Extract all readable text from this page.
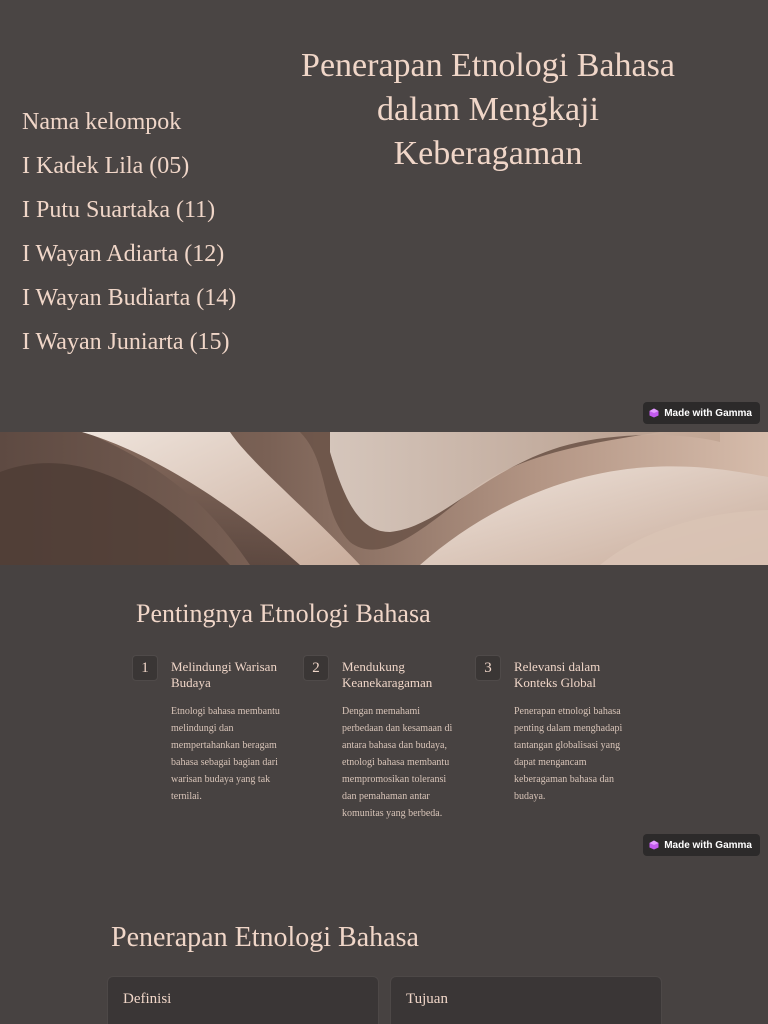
Penerapan Etnologi Bahasa dalam Mengkaji Keberagaman
Nama kelompok
I Kadek Lila (05)
I Putu Suartaka (11)
I Wayan Adiarta (12)
I Wayan Budiarta (14)
I Wayan Juniarta (15)
Made with Gamma
Pentingnya Etnologi Bahasa
1	Melindungi Warisan Budaya
Etnologi bahasa membantu melindungi dan mempertahankan beragam bahasa sebagai bagian dari warisan budaya yang tak ternilai.
2	Mendukung Keanekaragaman
Dengan memahami perbedaan dan kesamaan di antara bahasa dan budaya, etnologi bahasa membantu mempromosikan toleransi dan pemahaman antar komunitas yang berbeda.
3	Relevansi dalam Konteks Global
Penerapan etnologi bahasa penting dalam menghadapi tantangan globalisasi yang dapat mengancam keberagaman bahasa dan budaya.
Made with Gamma
Penerapan Etnologi Bahasa
Definisi	Tujuan
